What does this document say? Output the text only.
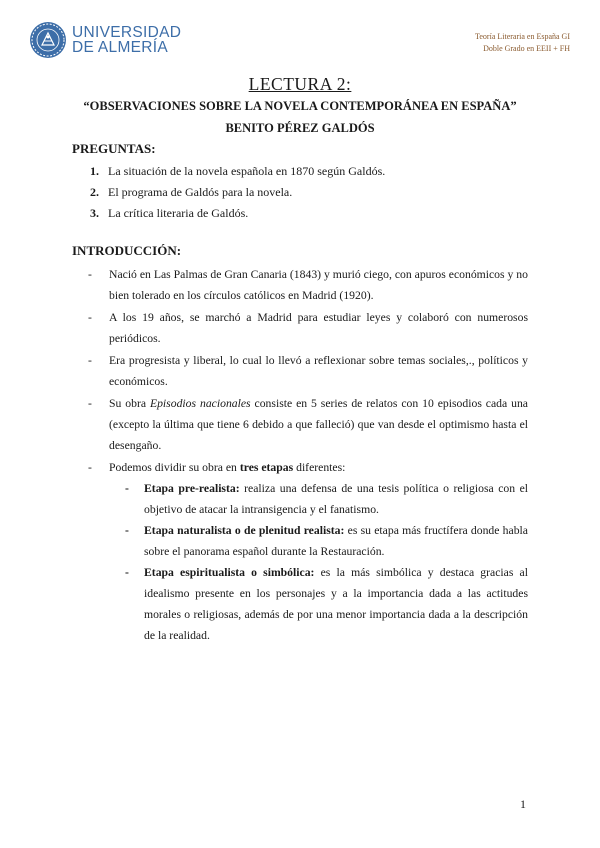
UNIVERSIDAD
DE ALMERÍA
Teoría Literaria en España GI
Doble Grado en EEII + FH
LECTURA 2:
“OBSERVACIONES SOBRE LA NOVELA CONTEMPORÁNEA EN ESPAÑA”
BENITO PÉREZ GALDÓS
PREGUNTAS:
1. La situación de la novela española en 1870 según Galdós.
2. El programa de Galdós para la novela.
3. La crítica literaria de Galdós.
INTRODUCCIÓN:
- Nació en Las Palmas de Gran Canaria (1843) y murió ciego, con apuros económicos y no bien tolerado en los círculos católicos en Madrid (1920).
- A los 19 años, se marchó a Madrid para estudiar leyes y colaboró con numerosos periódicos.
- Era progresista y liberal, lo cual lo llevó a reflexionar sobre temas sociales,., políticos y económicos.
- Su obra Episodios nacionales consiste en 5 series de relatos con 10 episodios cada una (excepto la última que tiene 6 debido a que falleció) que van desde el optimismo hasta el desengaño.
- Podemos dividir su obra en tres etapas diferentes:
- Etapa pre-realista: realiza una defensa de una tesis política o religiosa con el objetivo de atacar la intransigencia y el fanatismo.
- Etapa naturalista o de plenitud realista: es su etapa más fructífera donde habla sobre el panorama español durante la Restauración.
- Etapa espiritualista o simbólica: es la más simbólica y destaca gracias al idealismo presente en los personajes y a la importancia dada a las actitudes morales o religiosas, además de por una menor importancia dada a la descripción de la realidad.
1
